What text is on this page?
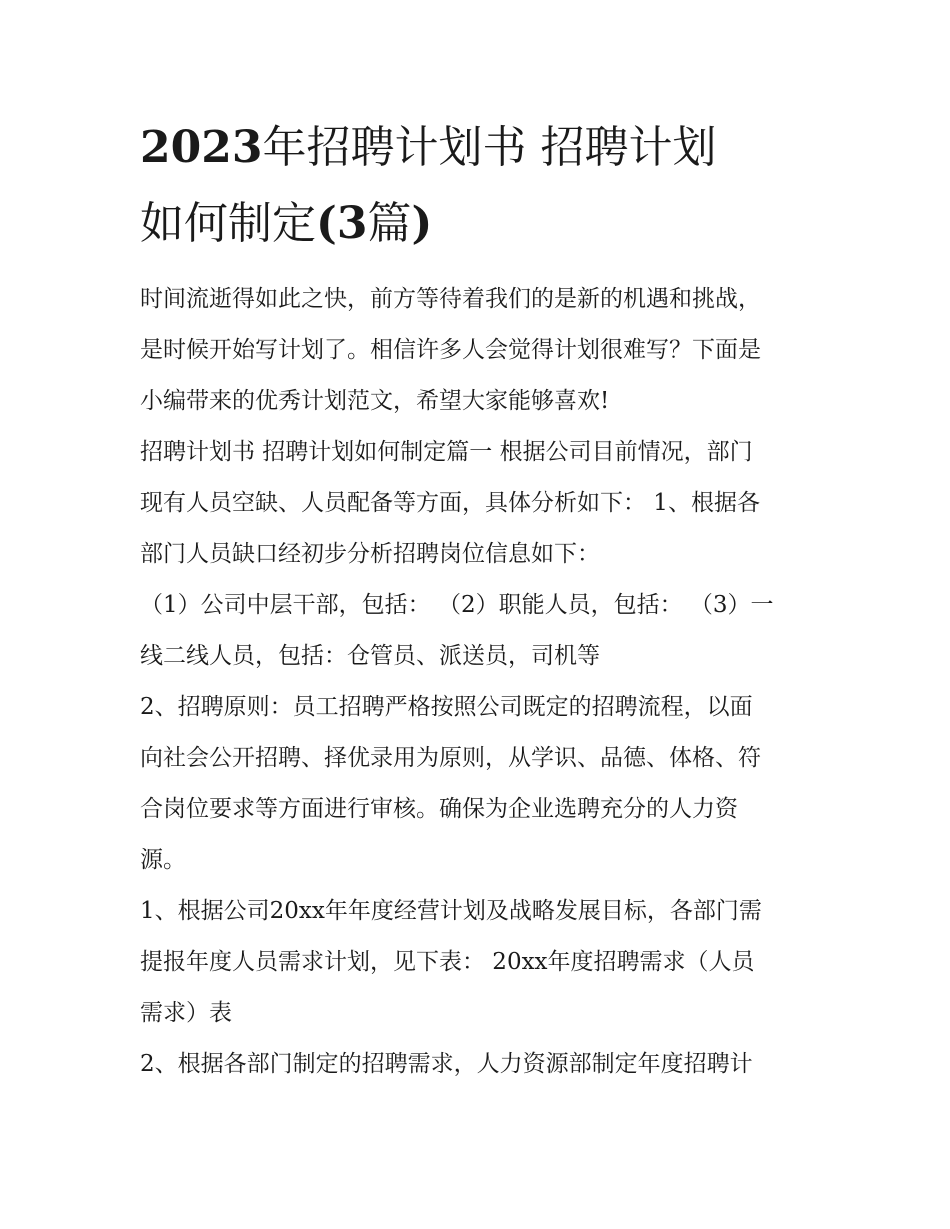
2023年招聘计划书 招聘计划
如何制定(3篇)

时间流逝得如此之快，前方等待着我们的是新的机遇和挑战，
是时候开始写计划了。相信许多人会觉得计划很难写？下面是
小编带来的优秀计划范文，希望大家能够喜欢!

招聘计划书 招聘计划如何制定篇一 根据公司目前情况，部门
现有人员空缺、人员配备等方面，具体分析如下： 1、根据各
部门人员缺口经初步分析招聘岗位信息如下：

（1）公司中层干部，包括： （2）职能人员，包括： （3）一
线二线人员，包括：仓管员、派送员，司机等

2、招聘原则：员工招聘严格按照公司既定的招聘流程，以面
向社会公开招聘、择优录用为原则，从学识、品德、体格、符
合岗位要求等方面进行审核。确保为企业选聘充分的人力资
源。

1、根据公司20xx年年度经营计划及战略发展目标，各部门需
提报年度人员需求计划，见下表： 20xx年度招聘需求（人员
需求）表

2、根据各部门制定的招聘需求，人力资源部制定年度招聘计
